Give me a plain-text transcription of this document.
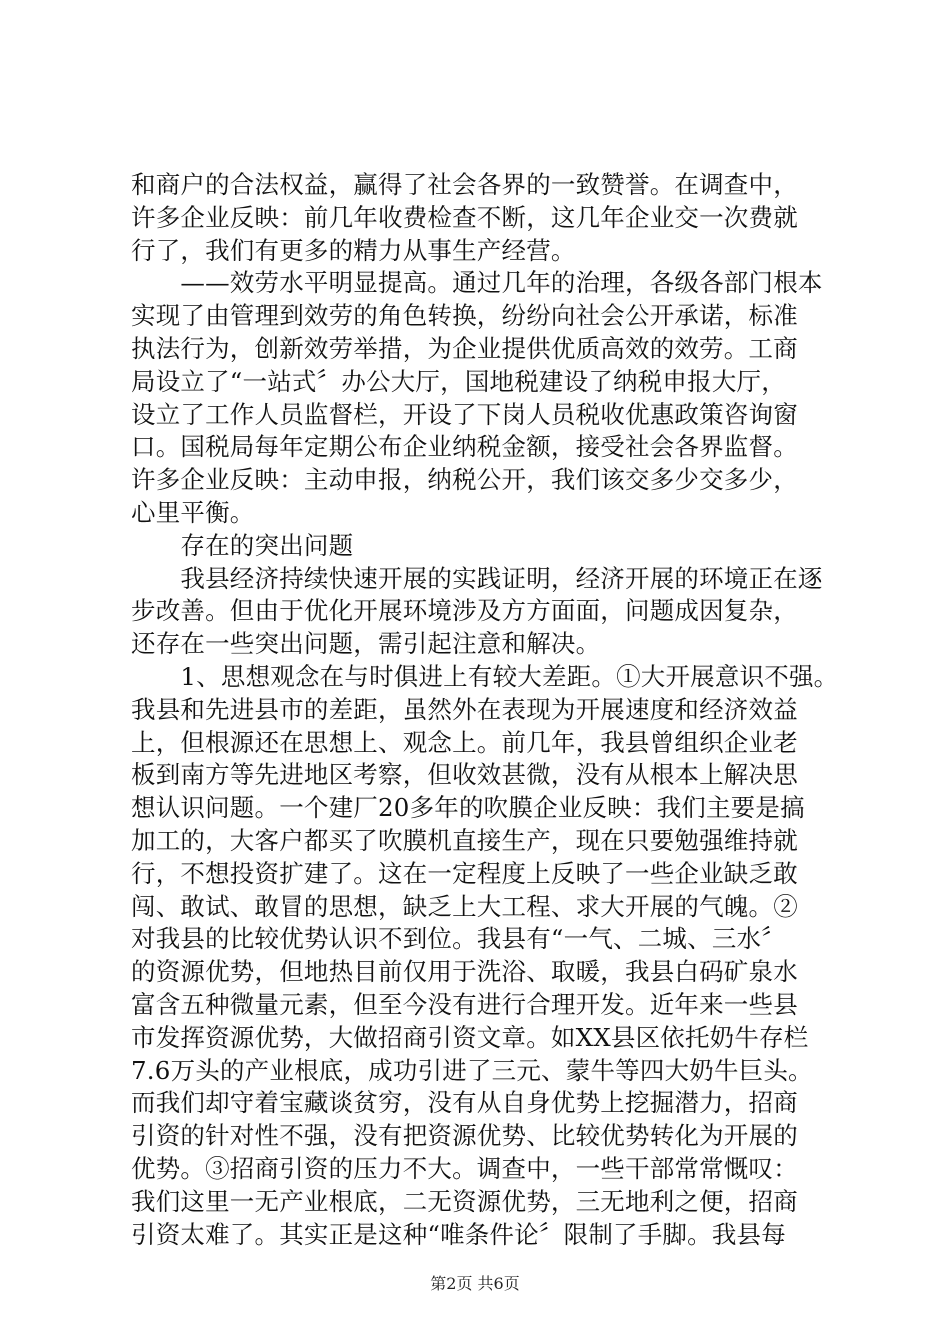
和商户的合法权益，赢得了社会各界的一致赞誉。在调查中，
许多企业反映：前几年收费检查不断，这几年企业交一次费就
行了，我们有更多的精力从事生产经营。
　　——效劳水平明显提高。通过几年的治理，各级各部门根本
实现了由管理到效劳的角色转换，纷纷向社会公开承诺，标准
执法行为，创新效劳举措，为企业提供优质高效的效劳。工商
局设立了“一站式〞办公大厅，国地税建设了纳税申报大厅，
设立了工作人员监督栏，开设了下岗人员税收优惠政策咨询窗
口。国税局每年定期公布企业纳税金额，接受社会各界监督。
许多企业反映：主动申报，纳税公开，我们该交多少交多少，
心里平衡。
　　存在的突出问题
　　我县经济持续快速开展的实践证明，经济开展的环境正在逐
步改善。但由于优化开展环境涉及方方面面，问题成因复杂，
还存在一些突出问题，需引起注意和解决。
　　1、思想观念在与时俱进上有较大差距。①大开展意识不强。
我县和先进县市的差距，虽然外在表现为开展速度和经济效益
上，但根源还在思想上、观念上。前几年，我县曾组织企业老
板到南方等先进地区考察，但收效甚微，没有从根本上解决思
想认识问题。一个建厂20多年的吹膜企业反映：我们主要是搞
加工的，大客户都买了吹膜机直接生产，现在只要勉强维持就
行，不想投资扩建了。这在一定程度上反映了一些企业缺乏敢
闯、敢试、敢冒的思想，缺乏上大工程、求大开展的气魄。②
对我县的比较优势认识不到位。我县有“一气、二城、三水〞
的资源优势，但地热目前仅用于洗浴、取暖，我县白码矿泉水
富含五种微量元素，但至今没有进行合理开发。近年来一些县
市发挥资源优势，大做招商引资文章。如XX县区依托奶牛存栏
7.6万头的产业根底，成功引进了三元、蒙牛等四大奶牛巨头。
而我们却守着宝藏谈贫穷，没有从自身优势上挖掘潜力，招商
引资的针对性不强，没有把资源优势、比较优势转化为开展的
优势。③招商引资的压力不大。调查中，一些干部常常慨叹：
我们这里一无产业根底，二无资源优势，三无地利之便，招商
引资太难了。其实正是这种“唯条件论〞限制了手脚。我县每
第2页 共6页
